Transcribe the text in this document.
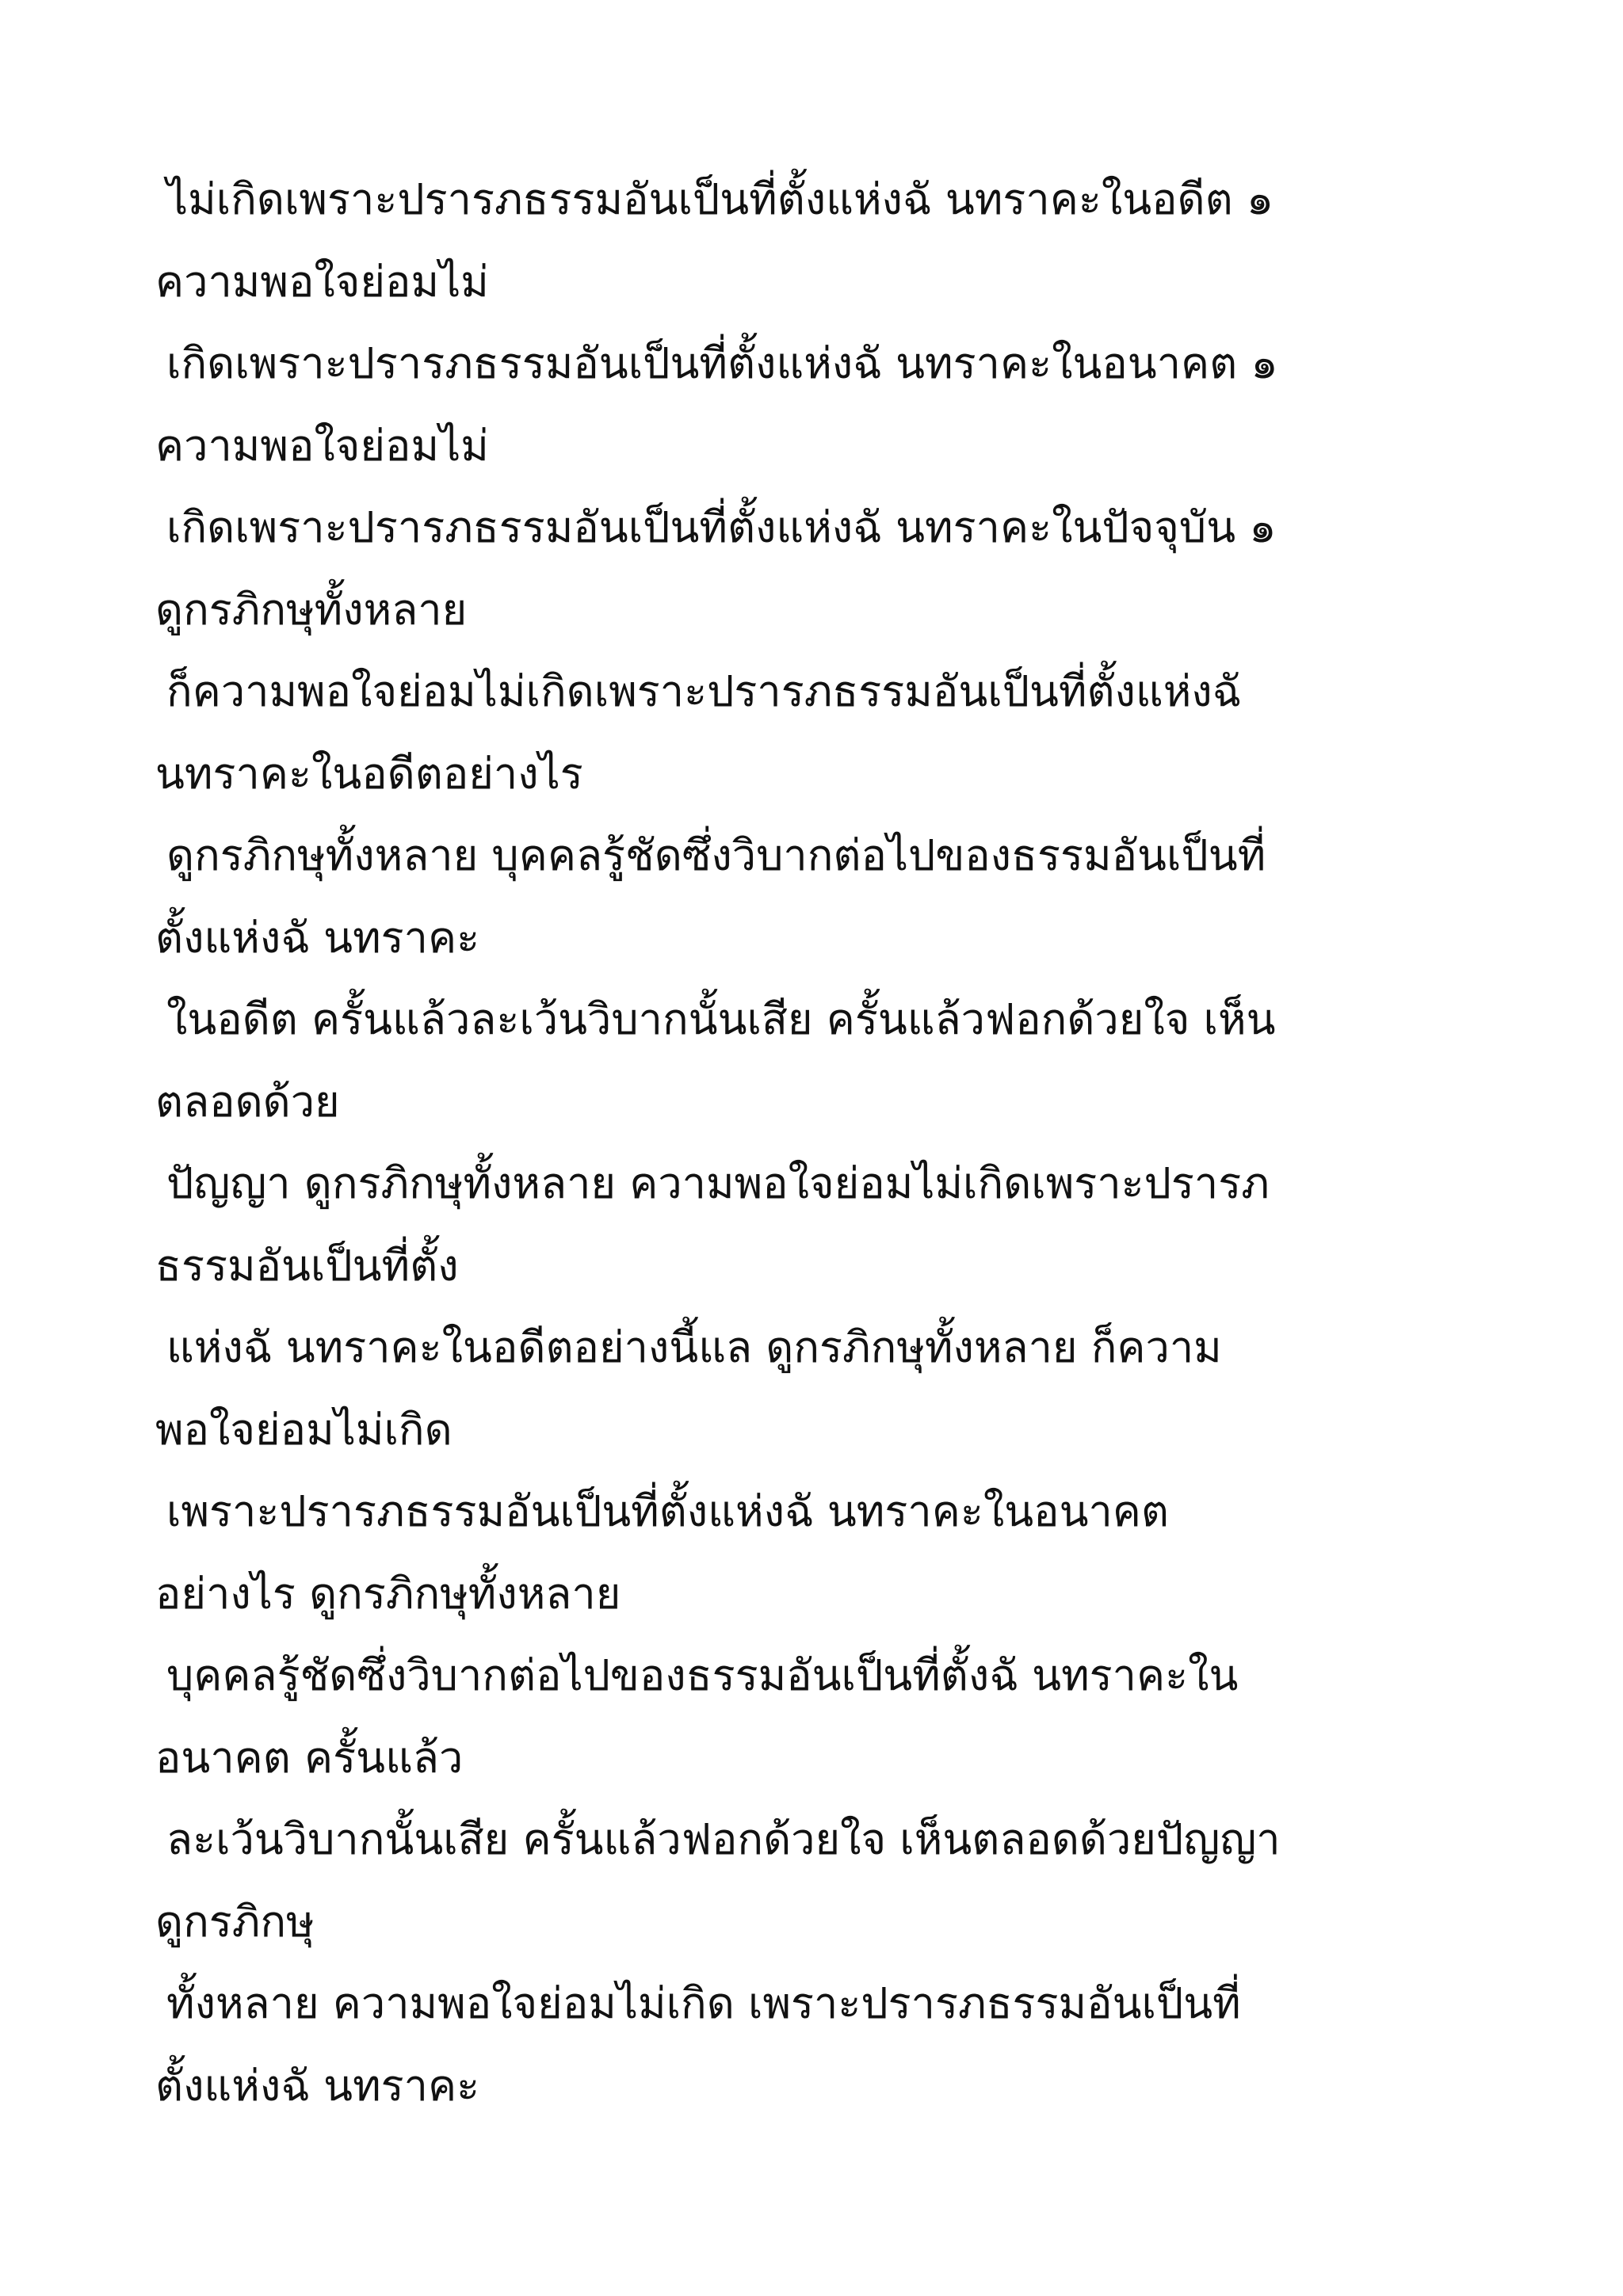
ไม่เกิดเพราะปรารภธรรมอันเป็นที่ตั้งแห่งฉั นทราคะในอดีต ๑
ความพอใจย่อมไม่
เกิดเพราะปรารภธรรมอันเป็นที่ตั้งแห่งฉั นทราคะในอนาคต ๑
ความพอใจย่อมไม่
เกิดเพราะปรารภธรรมอันเป็นที่ตั้งแห่งฉั นทราคะในปัจจุบัน ๑
ดูกรภิกษุทั้งหลาย
ก็ความพอใจย่อมไม่เกิดเพราะปรารภธรรมอันเป็นที่ตั้งแห่งฉั
นทราคะในอดีตอย่างไร
ดูกรภิกษุทั้งหลาย บุคคลรู้ชัดซึ่งวิบากต่อไปของธรรมอันเป็นที่
ตั้งแห่งฉั นทราคะ
ในอดีต ครั้นแล้วละเว้นวิบากนั้นเสีย ครั้นแล้วฟอกด้วยใจ เห็น
ตลอดด้วย
ปัญญา ดูกรภิกษุทั้งหลาย ความพอใจย่อมไม่เกิดเพราะปรารภ
ธรรมอันเป็นที่ตั้ง
แห่งฉั นทราคะในอดีตอย่างนี้แล ดูกรภิกษุทั้งหลาย ก็ความ
พอใจย่อมไม่เกิด
เพราะปรารภธรรมอันเป็นที่ตั้งแห่งฉั นทราคะในอนาคต
อย่างไร ดูกรภิกษุทั้งหลาย
บุคคลรู้ชัดซึ่งวิบากต่อไปของธรรมอันเป็นที่ตั้งฉั นทราคะใน
อนาคต ครั้นแล้ว
ละเว้นวิบากนั้นเสีย ครั้นแล้วฟอกด้วยใจ เห็นตลอดด้วยปัญญา
ดูกรภิกษุ
ทั้งหลาย ความพอใจย่อมไม่เกิด เพราะปรารภธรรมอันเป็นที่
ตั้งแห่งฉั นทราคะ
